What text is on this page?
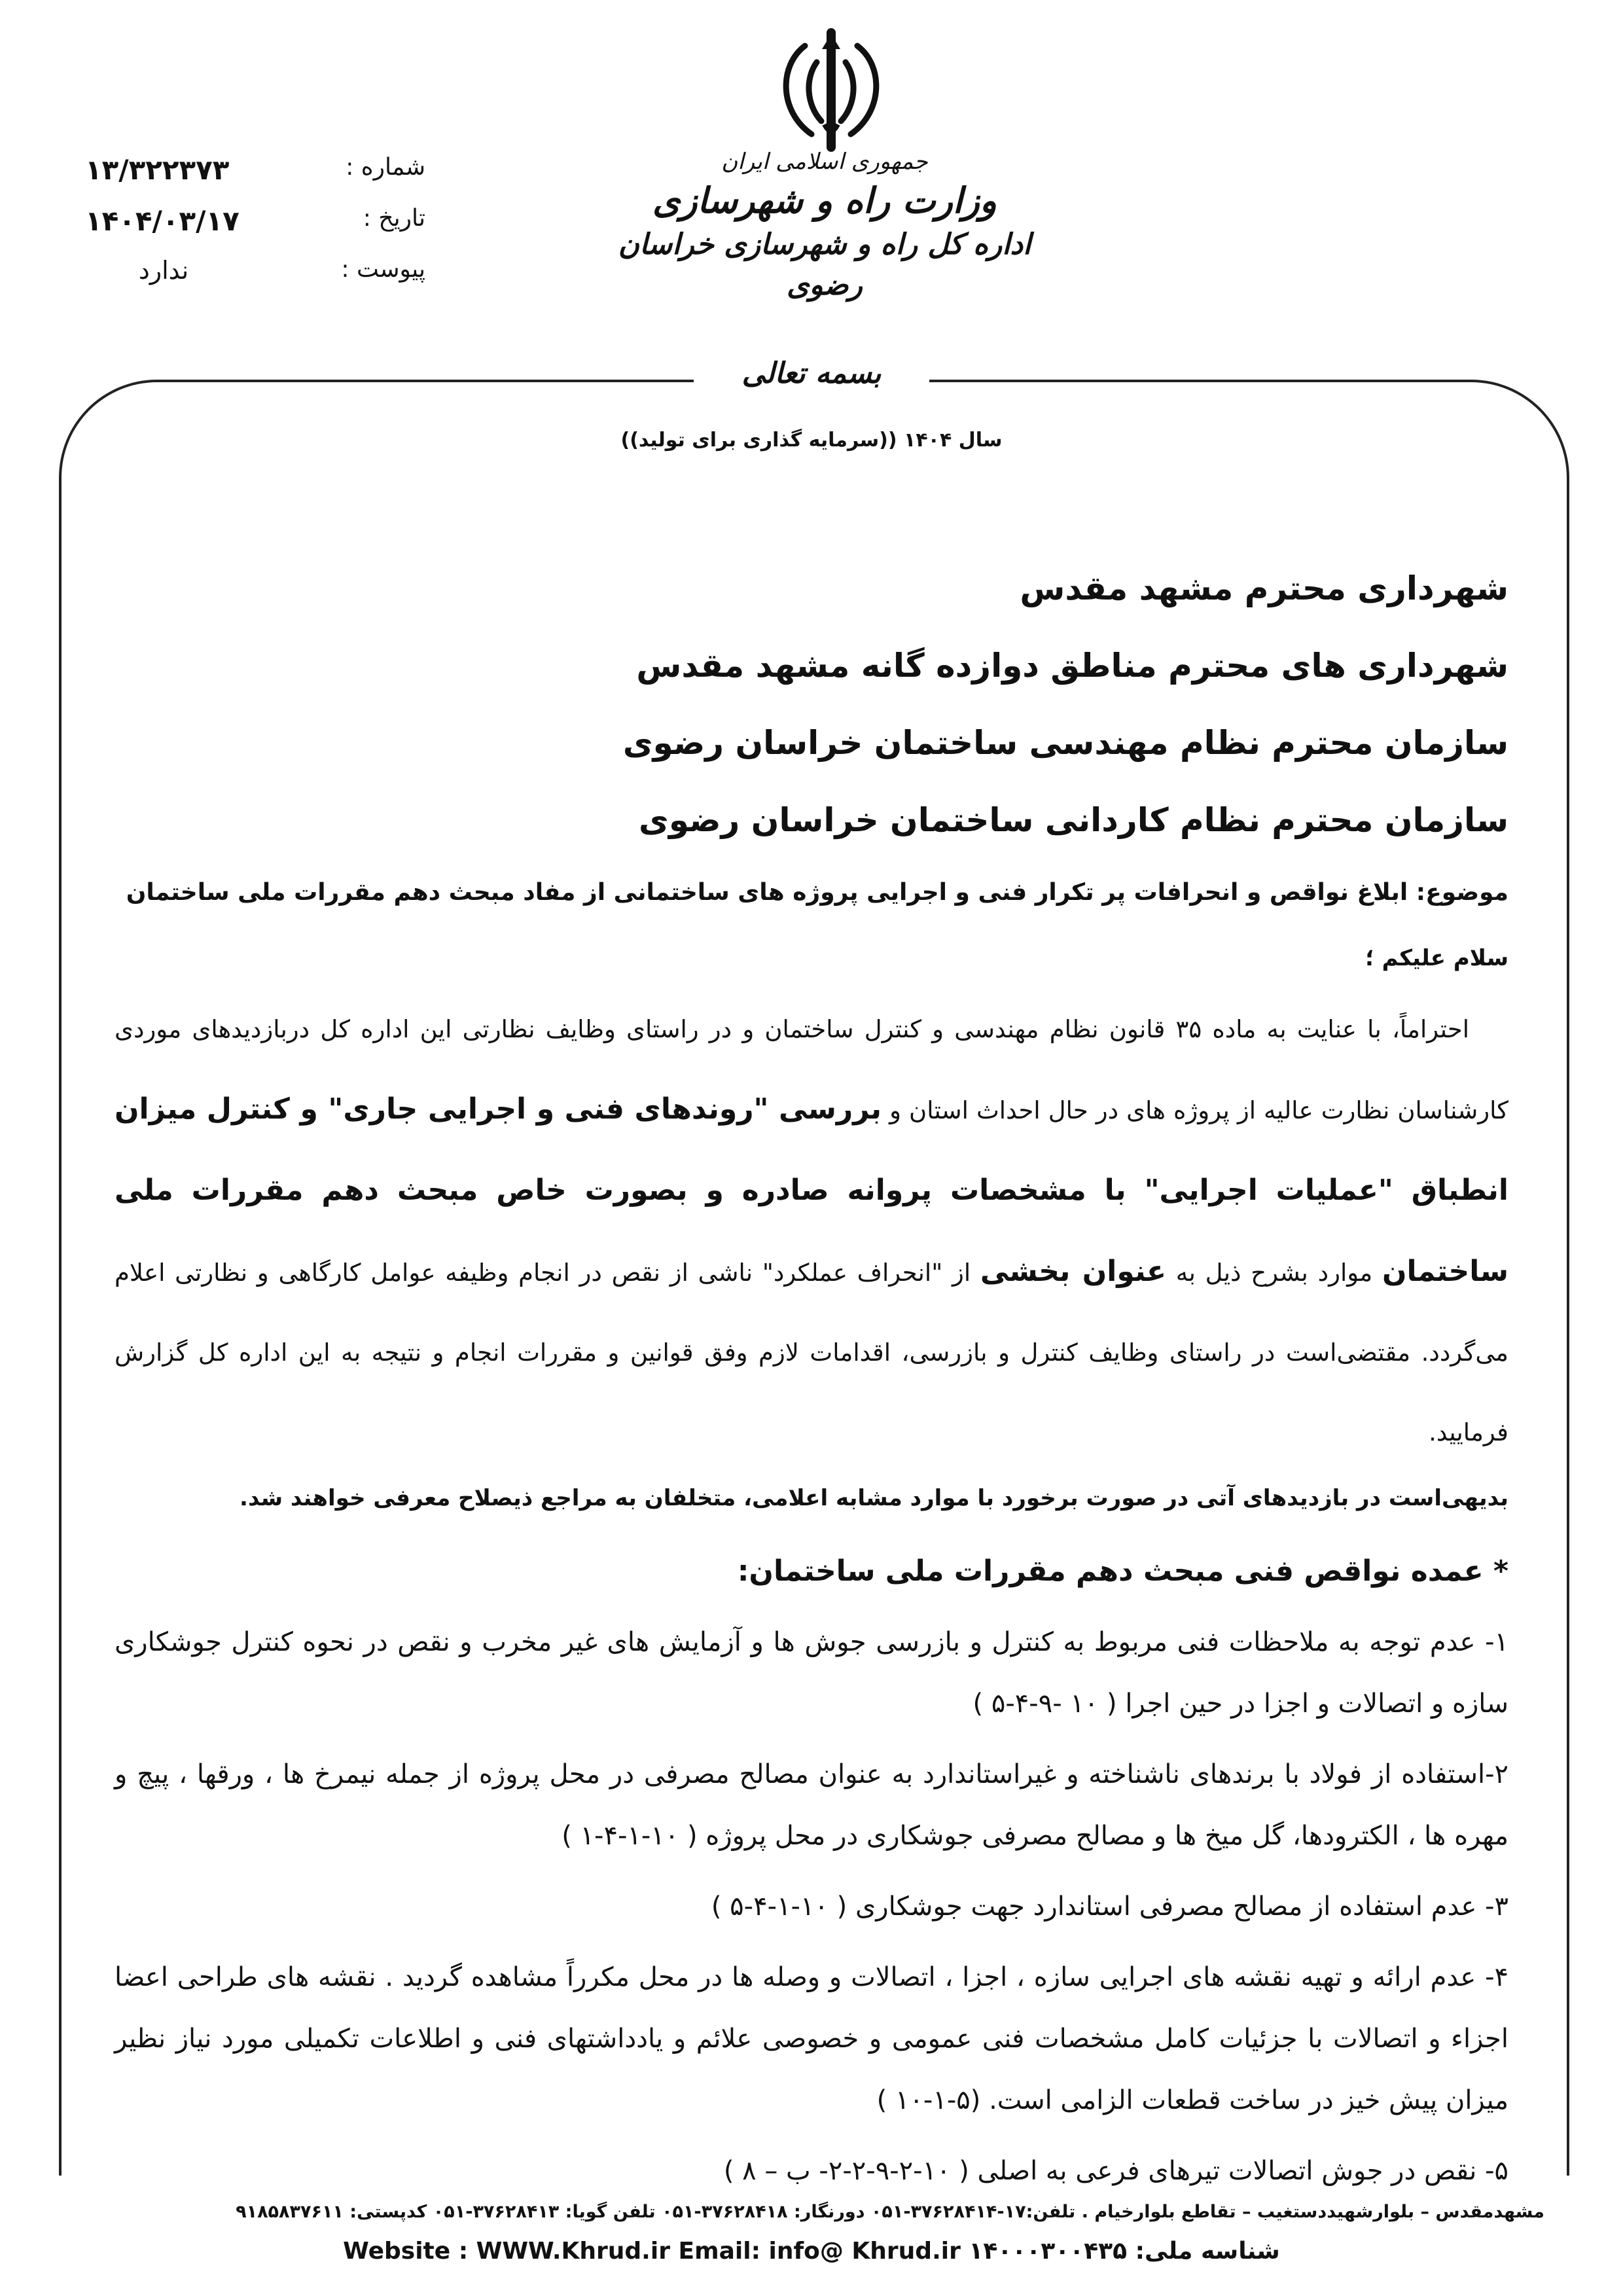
جمهوری اسلامی ایران
وزارت راه و شهرسازی
اداره کل راه و شهرسازی خراسان رضوی
شماره :
۱۳/۳۲۲۳۷۳
تاریخ :
۱۴۰۴/۰۳/۱۷
پیوست :
ندارد
بسمه تعالی
سال ۱۴۰۴ ((سرمایه گذاری برای تولید))

شهرداری محترم مشهد مقدس

شهرداری های محترم مناطق دوازده گانه مشهد مقدس

سازمان محترم نظام مهندسی ساختمان خراسان رضوی

سازمان محترم نظام کاردانی ساختمان خراسان رضوی

موضوع: ابلاغ نواقص و انحرافات پر تکرار فنی و اجرایی پروژه های ساختمانی از مفاد مبحث دهم مقررات ملی ساختمان
سلام علیکم ؛
احتراماً، با عنایت به ماده ۳۵ قانون نظام مهندسی و کنترل ساختمان و در راستای وظایف نظارتی این اداره کل دربازدیدهای موردی کارشناسان نظارت عالیه از پروژه های در حال احداث استان و بررسی "روندهای فنی و اجرایی جاری" و کنترل میزان انطباق "عملیات اجرایی" با مشخصات پروانه صادره و بصورت خاص مبحث دهم مقررات ملی ساختمان موارد بشرح ذیل به عنوان بخشی از "انحراف عملکرد" ناشی از نقص در انجام وظیفه عوامل کارگاهی و نظارتی اعلام می‌گردد. مقتضی‌است در راستای وظایف کنترل و بازرسی، اقدامات لازم وفق قوانین و مقررات انجام و نتیجه به این اداره کل گزارش فرمایید.
بدیهی‌است در بازدیدهای آتی در صورت برخورد با موارد مشابه اعلامی، متخلفان به مراجع ذیصلاح معرفی خواهند شد.
* عمده نواقص فنی مبحث دهم مقررات ملی ساختمان:

۱- عدم توجه به ملاحظات فنی مربوط به کنترل و بازرسی جوش ها و آزمایش های غیر مخرب و نقص در نحوه کنترل جوشکاری سازه و اتصالات و اجزا در حین اجرا ( ۱۰ -۹-۴-۵ )

۲-استفاده از فولاد با برندهای ناشناخته و غیراستاندارد به عنوان مصالح مصرفی در محل پروژه از جمله نیمرخ ها ، ورقها ، پیچ و مهره ها ، الکترودها، گل میخ ها و مصالح مصرفی جوشکاری در محل پروژه ( ۱۰-۱-۴-۱ )

۳- عدم استفاده از مصالح مصرفی استاندارد جهت جوشکاری ( ۱۰-۱-۴-۵ )

۴- عدم ارائه و تهیه نقشه های اجرایی سازه ، اجزا ، اتصالات و وصله ها در محل مکرراً مشاهده گردید . نقشه های طراحی اعضا اجزاء و اتصالات با جزئیات کامل مشخصات فنی عمومی و خصوصی علائم و یادداشتهای فنی و اطلاعات تکمیلی مورد نیاز نظیر میزان پیش خیز در ساخت قطعات الزامی است. (۵-۱-۱۰ )

۵- نقص در جوش اتصالات تیرهای فرعی به اصلی ( ۱۰-۲-۹-۲-۲- ب – ۸ )

مشهدمقدس – بلوارشهیددستغیب – تقاطع بلوارخیام . تلفن:۱۷-۳۷۶۲۸۴۱۴-۰۵۱ دورنگار: ۳۷۶۲۸۴۱۸-۰۵۱ تلفن گویا: ۳۷۶۲۸۴۱۳-۰۵۱ کدپستی: ۹۱۸۵۸۳۷۶۱۱
Website : WWW.Khrud.ir Email: info@ Khrud.ir شناسه ملی: ۱۴۰۰۰۳۰۰۴۳۵
